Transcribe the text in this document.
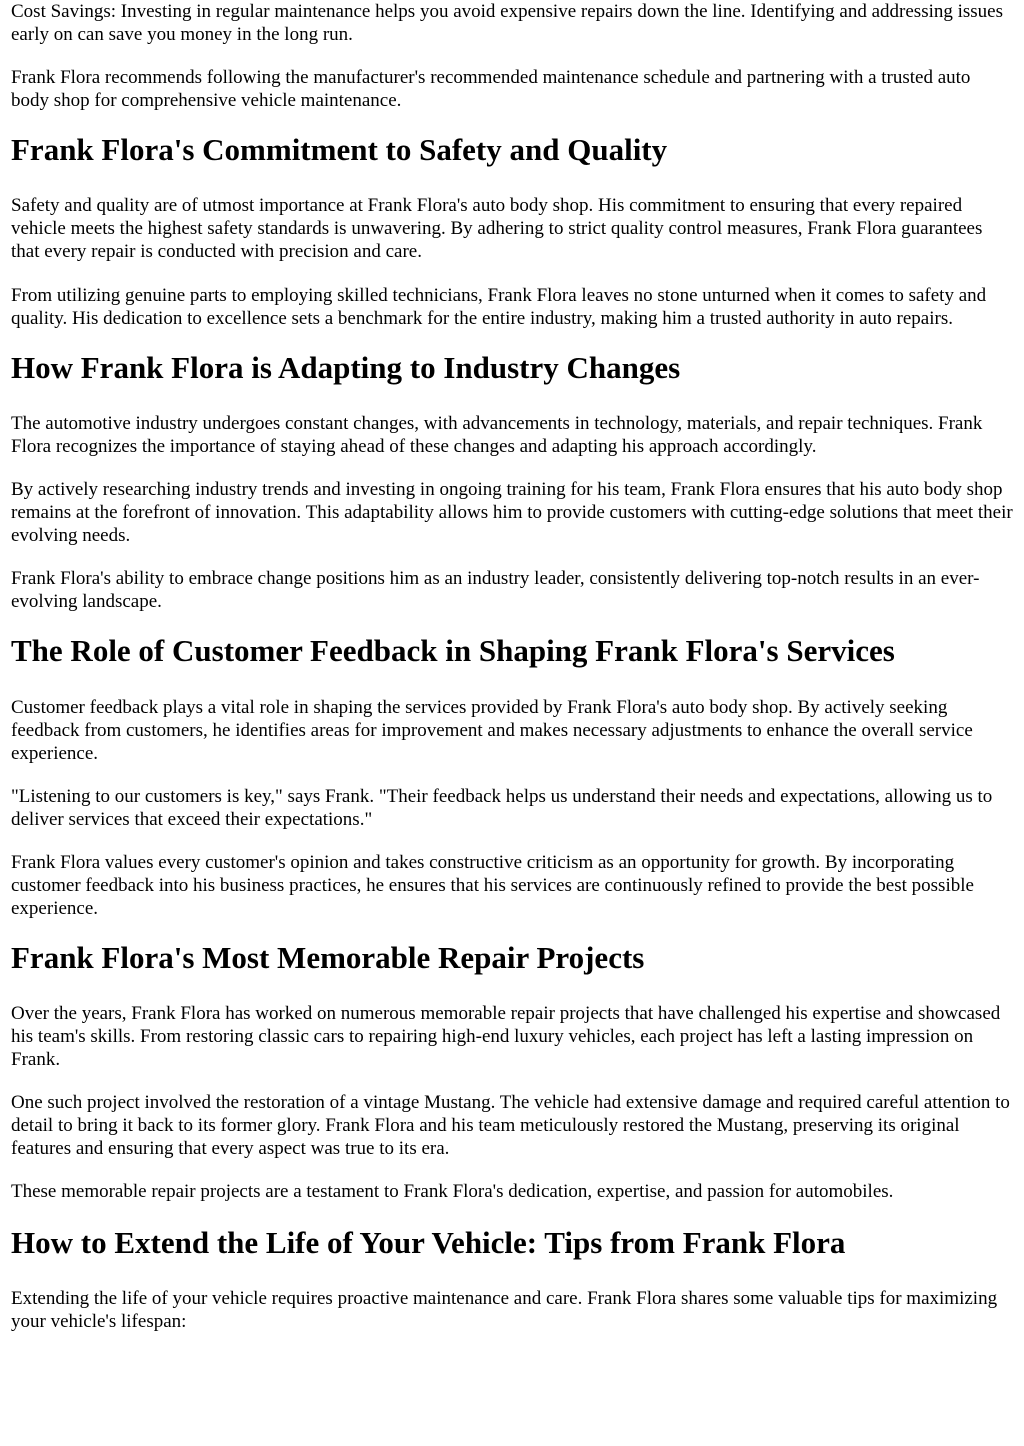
Cost Savings: Investing in regular maintenance helps you avoid expensive repairs down the line. Identifying and addressing issues early on can save you money in the long run.

Frank Flora recommends following the manufacturer's recommended maintenance schedule and partnering with a trusted auto body shop for comprehensive vehicle maintenance.

Frank Flora's Commitment to Safety and Quality

Safety and quality are of utmost importance at Frank Flora's auto body shop. His commitment to ensuring that every repaired vehicle meets the highest safety standards is unwavering. By adhering to strict quality control measures, Frank Flora guarantees that every repair is conducted with precision and care.

From utilizing genuine parts to employing skilled technicians, Frank Flora leaves no stone unturned when it comes to safety and quality. His dedication to excellence sets a benchmark for the entire industry, making him a trusted authority in auto repairs.

How Frank Flora is Adapting to Industry Changes

The automotive industry undergoes constant changes, with advancements in technology, materials, and repair techniques. Frank Flora recognizes the importance of staying ahead of these changes and adapting his approach accordingly.

By actively researching industry trends and investing in ongoing training for his team, Frank Flora ensures that his auto body shop remains at the forefront of innovation. This adaptability allows him to provide customers with cutting-edge solutions that meet their evolving needs.

Frank Flora's ability to embrace change positions him as an industry leader, consistently delivering top-notch results in an ever-evolving landscape.

The Role of Customer Feedback in Shaping Frank Flora's Services

Customer feedback plays a vital role in shaping the services provided by Frank Flora's auto body shop. By actively seeking feedback from customers, he identifies areas for improvement and makes necessary adjustments to enhance the overall service experience.

"Listening to our customers is key," says Frank. "Their feedback helps us understand their needs and expectations, allowing us to deliver services that exceed their expectations."

Frank Flora values every customer's opinion and takes constructive criticism as an opportunity for growth. By incorporating customer feedback into his business practices, he ensures that his services are continuously refined to provide the best possible experience.

Frank Flora's Most Memorable Repair Projects

Over the years, Frank Flora has worked on numerous memorable repair projects that have challenged his expertise and showcased his team's skills. From restoring classic cars to repairing high-end luxury vehicles, each project has left a lasting impression on Frank.

One such project involved the restoration of a vintage Mustang. The vehicle had extensive damage and required careful attention to detail to bring it back to its former glory. Frank Flora and his team meticulously restored the Mustang, preserving its original features and ensuring that every aspect was true to its era.

These memorable repair projects are a testament to Frank Flora's dedication, expertise, and passion for automobiles.

How to Extend the Life of Your Vehicle: Tips from Frank Flora

Extending the life of your vehicle requires proactive maintenance and care. Frank Flora shares some valuable tips for maximizing your vehicle's lifespan:
